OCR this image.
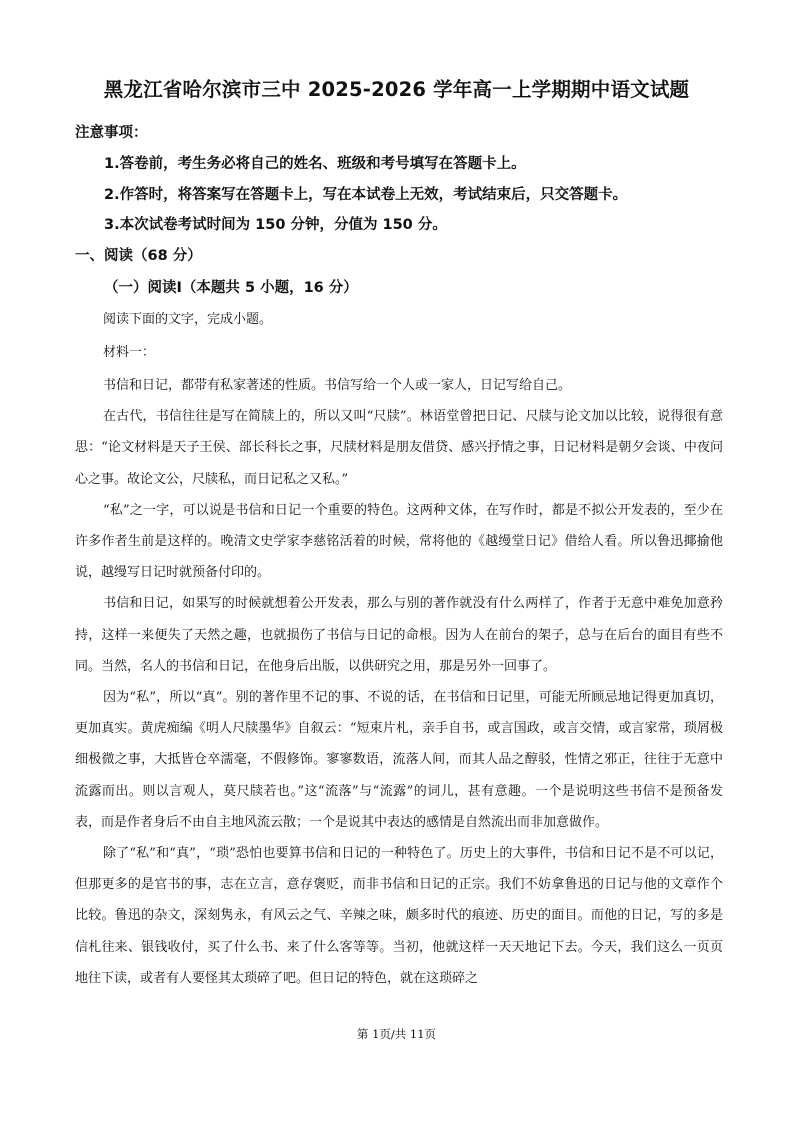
黑龙江省哈尔滨市三中 2025-2026 学年高一上学期期中语文试题
注意事项：
1.答卷前，考生务必将自己的姓名、班级和考号填写在答题卡上。
2.作答时，将答案写在答题卡上，写在本试卷上无效，考试结束后，只交答题卡。
3.本次试卷考试时间为 150 分钟，分值为 150 分。
一、阅读（68 分）
（一）阅读Ⅰ（本题共 5 小题，16 分）
阅读下面的文字，完成小题。
材料一：

书信和日记，都带有私家著述的性质。书信写给一个人或一家人，日记写给自己。

在古代，书信往往是写在简牍上的，所以又叫“尺牍”。林语堂曾把日记、尺牍与论文加以比较，说得很有意思：“论文材料是天子王侯、部长科长之事，尺牍材料是朋友借贷、感兴抒情之事，日记材料是朝夕会谈、中夜问心之事。故论文公，尺牍私，而日记私之又私。”

“私”之一字，可以说是书信和日记一个重要的特色。这两种文体，在写作时，都是不拟公开发表的，至少在许多作者生前是这样的。晚清文史学家李慈铭活着的时候，常将他的《越缦堂日记》借给人看。所以鲁迅揶揄他说，越缦写日记时就预备付印的。

书信和日记，如果写的时候就想着公开发表，那么与别的著作就没有什么两样了，作者于无意中难免加意矜持，这样一来便失了天然之趣，也就损伤了书信与日记的命根。因为人在前台的架子，总与在后台的面目有些不同。当然，名人的书信和日记，在他身后出版，以供研究之用，那是另外一回事了。

因为“私”，所以“真”。别的著作里不记的事、不说的话，在书信和日记里，可能无所顾忌地记得更加真切，更加真实。黄虎痴编《明人尺牍墨华》自叙云：“短束片札，亲手自书，或言国政，或言交情，或言家常，琐屑极细极微之事，大抵皆仓卒濡毫，不假修饰。寥寥数语，流落人间，而其人品之醇驳，性情之邪正，往往于无意中流露而出。则以言观人，莫尺牍若也。”这“流落”与“流露”的词儿，甚有意趣。一个是说明这些书信不是预备发表，而是作者身后不由自主地风流云散；一个是说其中表达的感情是自然流出而非加意做作。

除了“私”和“真”，“琐”恐怕也要算书信和日记的一种特色了。历史上的大事件，书信和日记不是不可以记，但那更多的是官书的事，志在立言，意存褒贬，而非书信和日记的正宗。我们不妨拿鲁迅的日记与他的文章作个比较。鲁迅的杂文，深刻隽永，有风云之气、辛辣之味，颇多时代的痕迹、历史的面目。而他的日记，写的多是信札往来、银钱收付，买了什么书、来了什么客等等。当初，他就这样一天天地记下去。今天，我们这么一页页地往下读，或者有人要怪其太琐碎了吧。但日记的特色，就在这琐碎之

第 1页/共 11页
